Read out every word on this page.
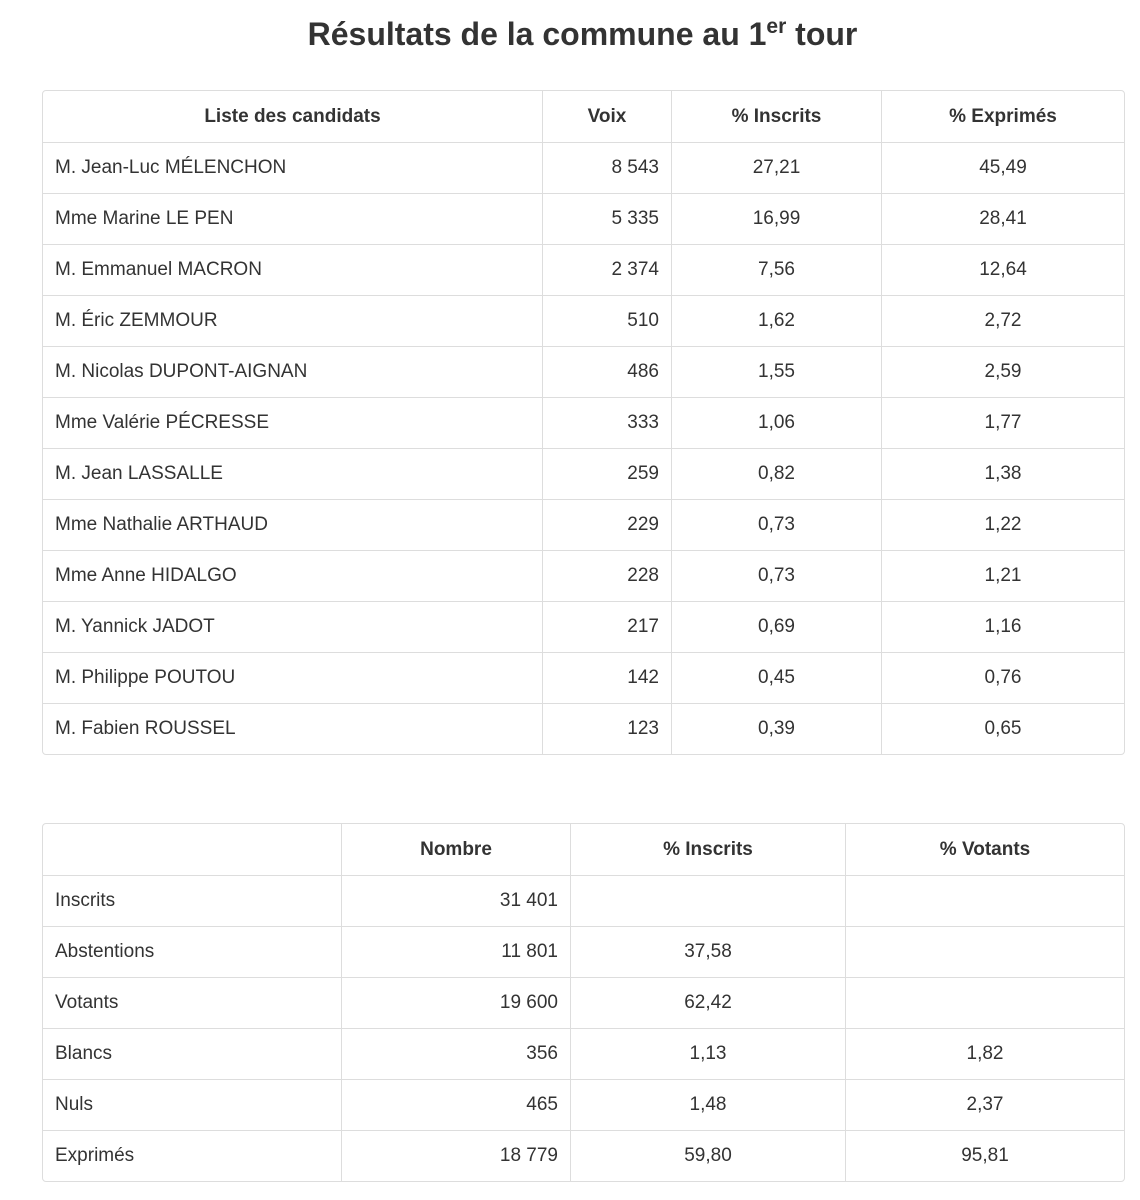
Résultats de la commune au 1er tour
Liste des candidats	Voix	% Inscrits	% Exprimés
M. Jean-Luc MÉLENCHON	8 543	27,21	45,49
Mme Marine LE PEN	5 335	16,99	28,41
M. Emmanuel MACRON	2 374	7,56	12,64
M. Éric ZEMMOUR	510	1,62	2,72
M. Nicolas DUPONT-AIGNAN	486	1,55	2,59
Mme Valérie PÉCRESSE	333	1,06	1,77
M. Jean LASSALLE	259	0,82	1,38
Mme Nathalie ARTHAUD	229	0,73	1,22
Mme Anne HIDALGO	228	0,73	1,21
M. Yannick JADOT	217	0,69	1,16
M. Philippe POUTOU	142	0,45	0,76
M. Fabien ROUSSEL	123	0,39	0,65
	Nombre	% Inscrits	% Votants
Inscrits	31 401		
Abstentions	11 801	37,58	
Votants	19 600	62,42	
Blancs	356	1,13	1,82
Nuls	465	1,48	2,37
Exprimés	18 779	59,80	95,81
